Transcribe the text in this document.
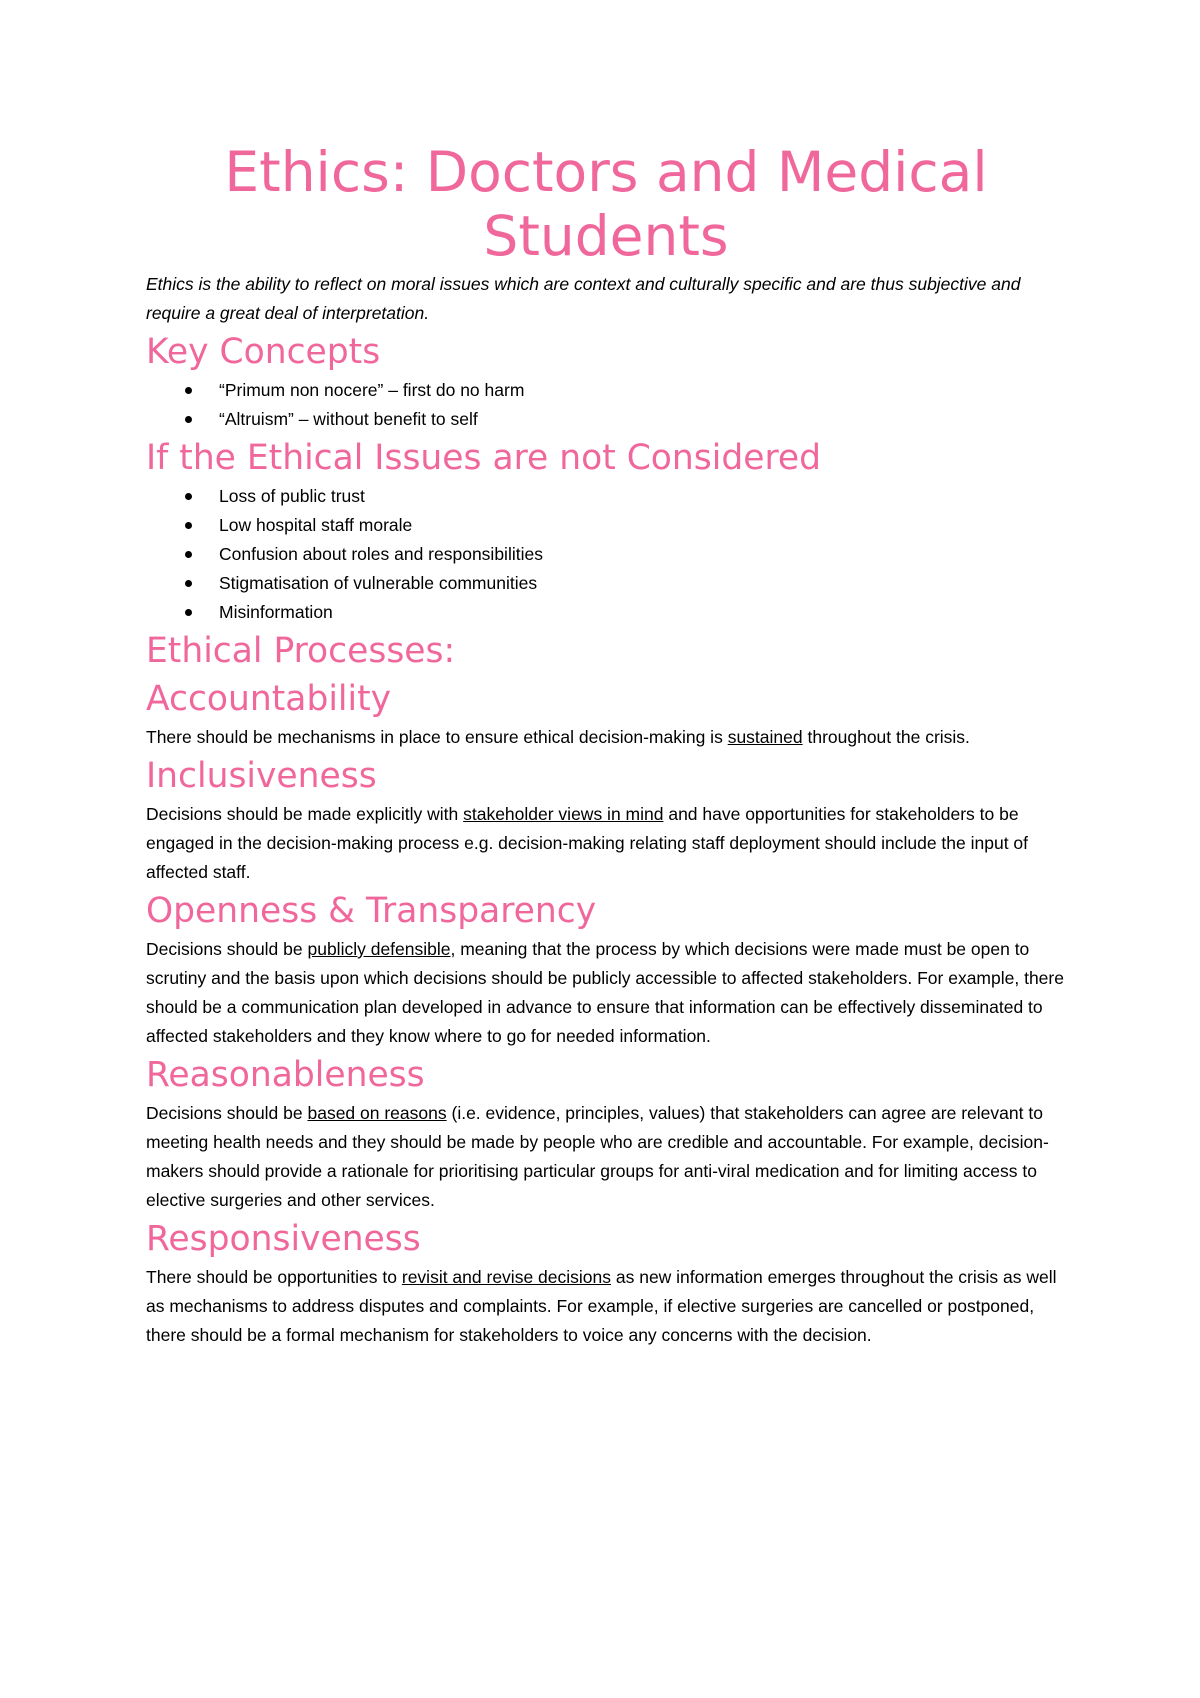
Ethics: Doctors and Medical Students

Ethics is the ability to reflect on moral issues which are context and culturally specific and are thus subjective and require a great deal of interpretation.

Key Concepts
“Primum non nocere” – first do no harm
“Altruism” – without benefit to self
If the Ethical Issues are not Considered
Loss of public trust
Low hospital staff morale
Confusion about roles and responsibilities
Stigmatisation of vulnerable communities
Misinformation
Ethical Processes:
Accountability

There should be mechanisms in place to ensure ethical decision-making is sustained throughout the crisis.

Inclusiveness

Decisions should be made explicitly with stakeholder views in mind and have opportunities for stakeholders to be engaged in the decision-making process e.g. decision-making relating staff deployment should include the input of affected staff.

Openness & Transparency

Decisions should be publicly defensible, meaning that the process by which decisions were made must be open to scrutiny and the basis upon which decisions should be publicly accessible to affected stakeholders. For example, there should be a communication plan developed in advance to ensure that information can be effectively disseminated to affected stakeholders and they know where to go for needed information.

Reasonableness

Decisions should be based on reasons (i.e. evidence, principles, values) that stakeholders can agree are relevant to meeting health needs and they should be made by people who are credible and accountable. For example, decision-makers should provide a rationale for prioritising particular groups for anti-viral medication and for limiting access to elective surgeries and other services.

Responsiveness

There should be opportunities to revisit and revise decisions as new information emerges throughout the crisis as well as mechanisms to address disputes and complaints. For example, if elective surgeries are cancelled or postponed, there should be a formal mechanism for stakeholders to voice any concerns with the decision.
